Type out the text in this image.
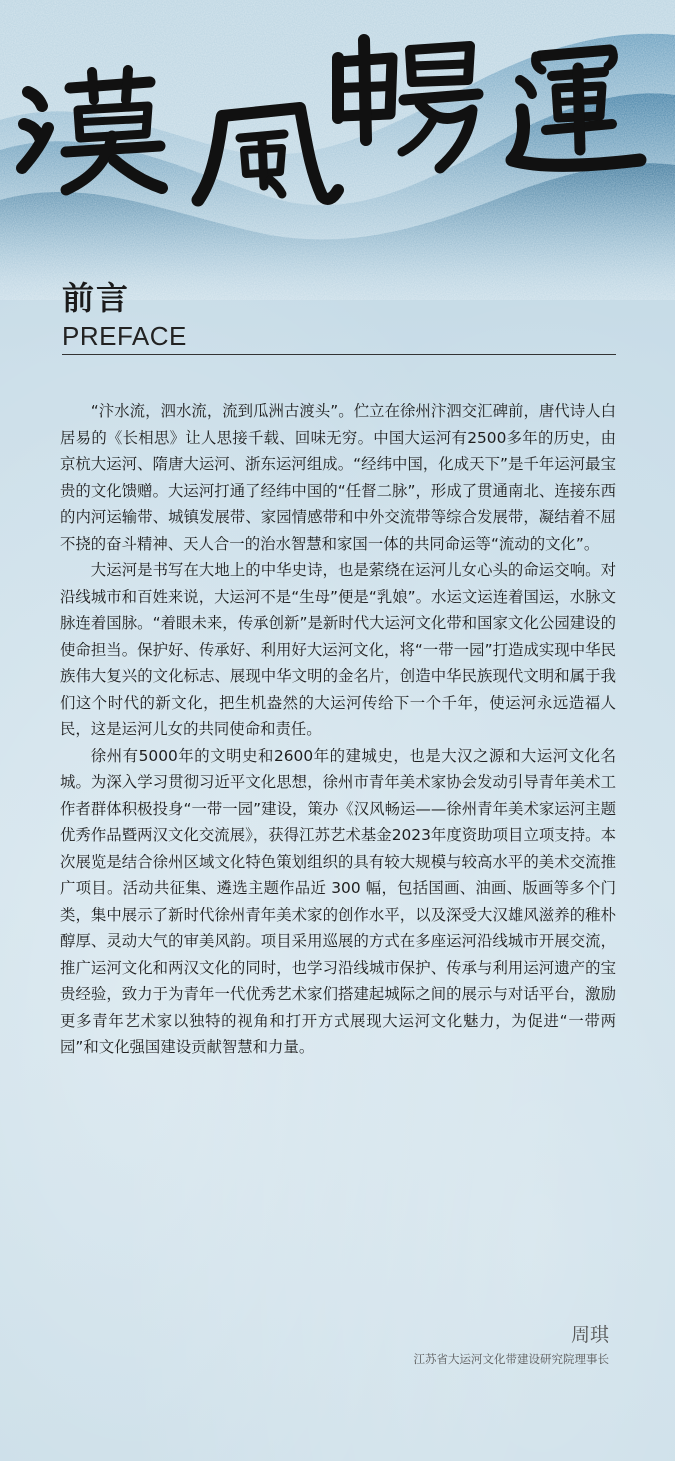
前言
PREFACE

“汴水流，泗水流，流到瓜洲古渡头”。伫立在徐州汴泗交汇碑前，唐代诗人白居易的《长相思》让人思接千载、回味无穷。中国大运河有2500多年的历史，由京杭大运河、隋唐大运河、浙东运河组成。“经纬中国，化成天下”是千年运河最宝贵的文化馈赠。大运河打通了经纬中国的“任督二脉”，形成了贯通南北、连接东西的内河运输带、城镇发展带、家园情感带和中外交流带等综合发展带，凝结着不屈不挠的奋斗精神、天人合一的治水智慧和家国一体的共同命运等“流动的文化”。

大运河是书写在大地上的中华史诗，也是萦绕在运河儿女心头的命运交响。对沿线城市和百姓来说，大运河不是“生母”便是“乳娘”。水运文运连着国运，水脉文脉连着国脉。“着眼未来，传承创新”是新时代大运河文化带和国家文化公园建设的使命担当。保护好、传承好、利用好大运河文化，将“一带一园”打造成实现中华民族伟大复兴的文化标志、展现中华文明的金名片，创造中华民族现代文明和属于我们这个时代的新文化，把生机盎然的大运河传给下一个千年，使运河永远造福人民，这是运河儿女的共同使命和责任。

徐州有5000年的文明史和2600年的建城史，也是大汉之源和大运河文化名城。为深入学习贯彻习近平文化思想，徐州市青年美术家协会发动引导青年美术工作者群体积极投身“一带一园”建设，策办《汉风畅运——徐州青年美术家运河主题优秀作品暨两汉文化交流展》，获得江苏艺术基金2023年度资助项目立项支持。本次展览是结合徐州区域文化特色策划组织的具有较大规模与较高水平的美术交流推广项目。活动共征集、遴选主题作品近 300 幅，包括国画、油画、版画等多个门类，集中展示了新时代徐州青年美术家的创作水平，以及深受大汉雄风滋养的稚朴醇厚、灵动大气的审美风韵。项目采用巡展的方式在多座运河沿线城市开展交流，推广运河文化和两汉文化的同时，也学习沿线城市保护、传承与利用运河遗产的宝贵经验，致力于为青年一代优秀艺术家们搭建起城际之间的展示与对话平台，激励更多青年艺术家以独特的视角和打开方式展现大运河文化魅力，为促进“一带两园”和文化强国建设贡献智慧和力量。

周琪
江苏省大运河文化带建设研究院理事长
